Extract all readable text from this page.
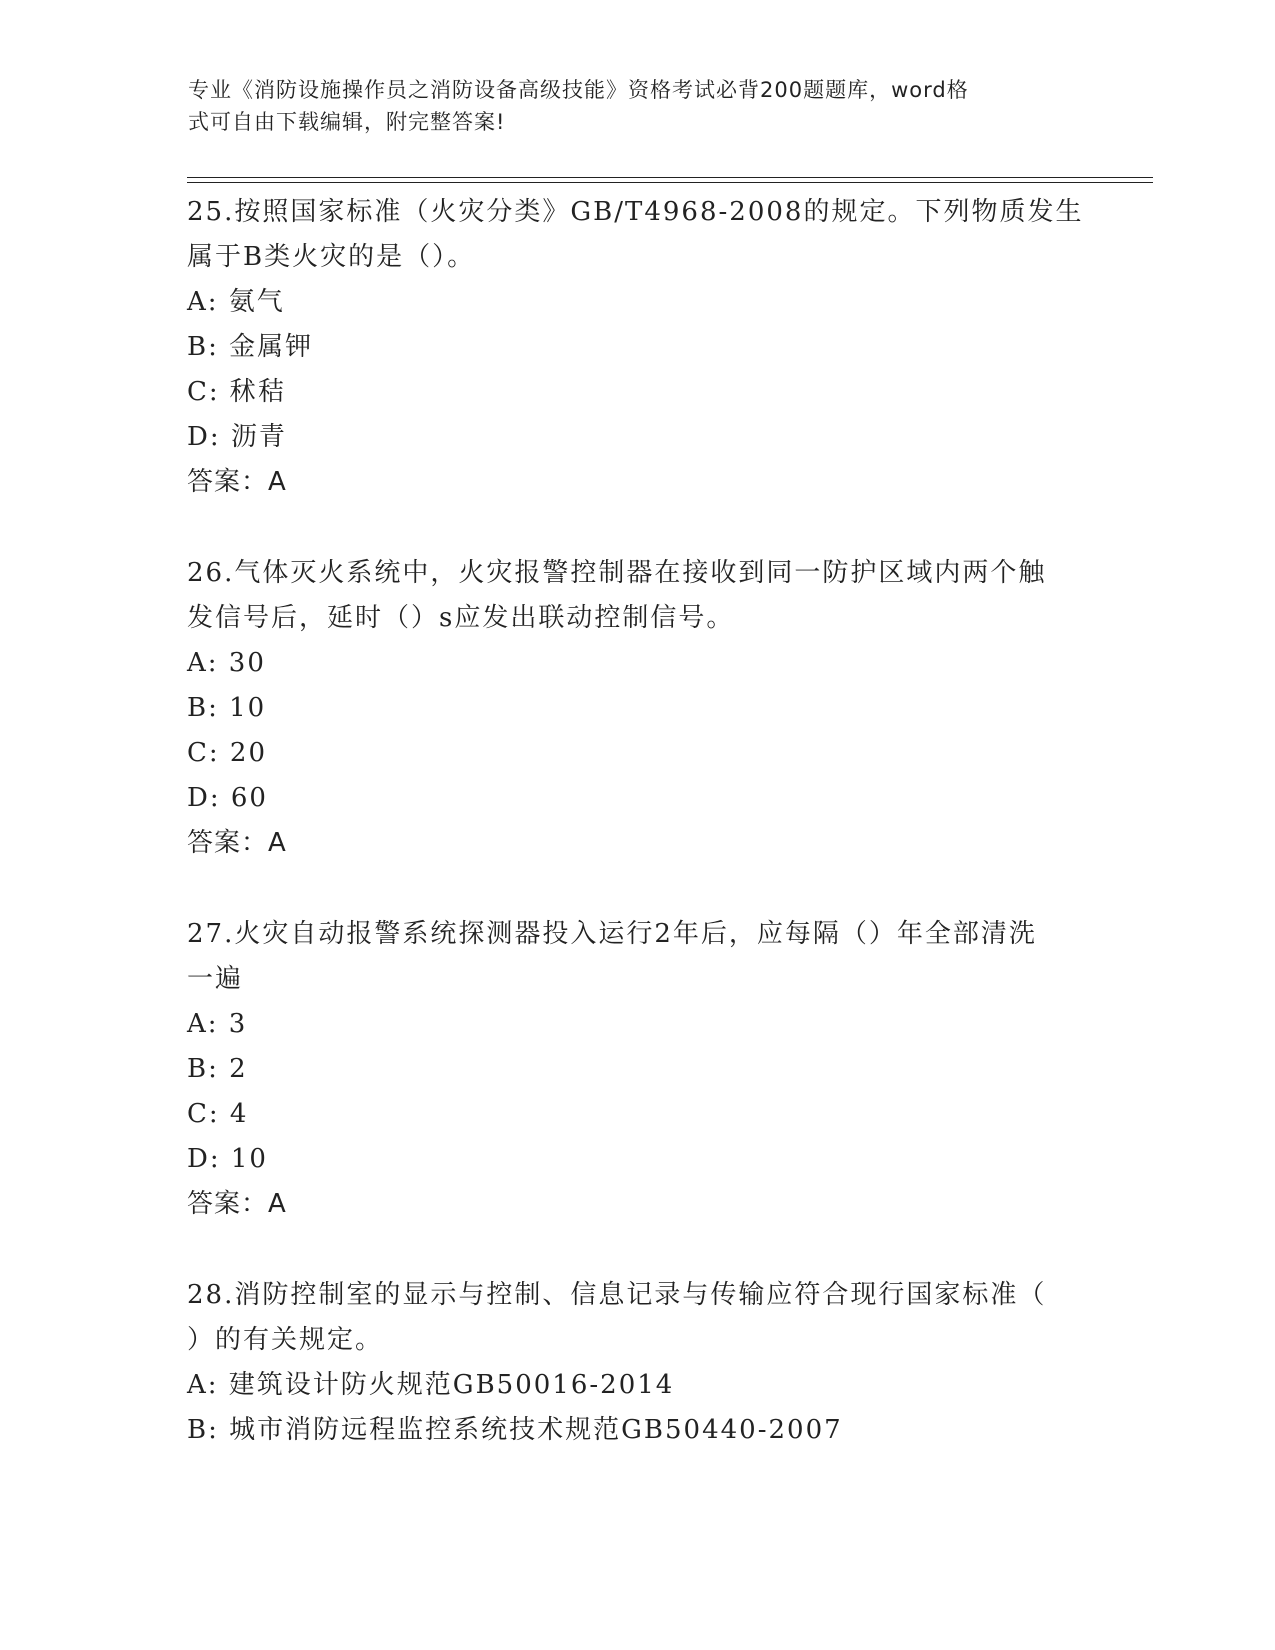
专业《消防设施操作员之消防设备高级技能》资格考试必背200题题库，word格
式可自由下载编辑，附完整答案!
25.按照国家标准（火灾分类》GB/T4968-2008的规定。下列物质发生
属于B类火灾的是（）。
A: 氨气
B: 金属钾
C: 秫秸
D: 沥青
答案：A
26.气体灭火系统中，火灾报警控制器在接收到同一防护区域内两个触
发信号后，延时（）s应发出联动控制信号。
A: 30
B: 10
C: 20
D: 60
答案：A
27.火灾自动报警系统探测器投入运行2年后，应每隔（）年全部清洗
一遍
A: 3
B: 2
C: 4
D: 10
答案：A
28.消防控制室的显示与控制、信息记录与传输应符合现行国家标准（
）的有关规定。
A: 建筑设计防火规范GB50016-2014
B: 城市消防远程监控系统技术规范GB50440-2007
